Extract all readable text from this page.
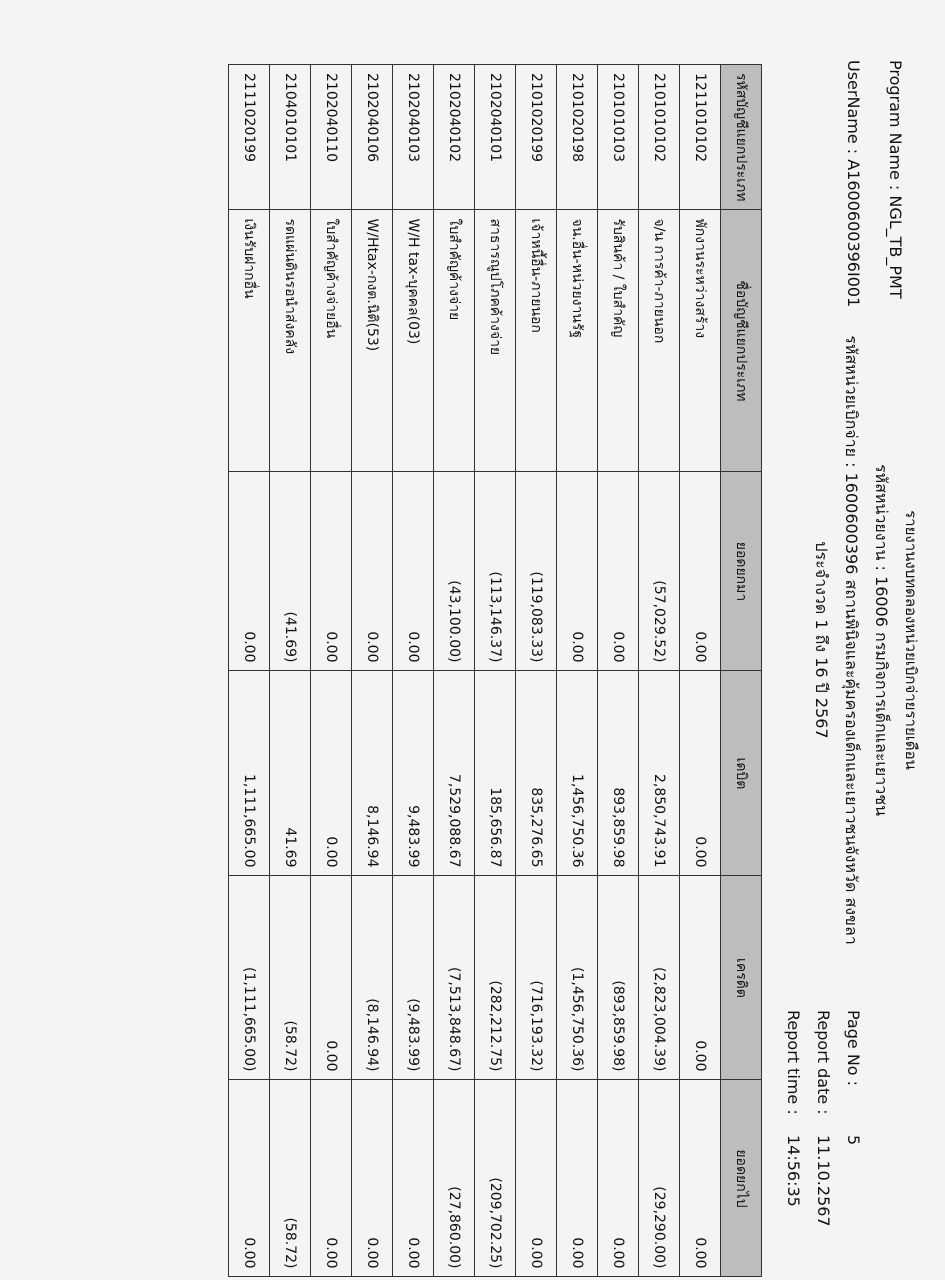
รายงานงบทดลองหน่วยเบิกจ่ายรายเดือน
รหัสหน่วยงาน : 16006 กรมกิจการเด็กและเยาวชน
รหัสหน่วยเบิกจ่าย : 1600600396 สถานพินิจและคุ้มครองเด็กและเยาวชนจังหวัด สงขลา
ประจำงวด 1 ถึง 16 ปี 2567
Program Name : NGL_TB_PMT
UserName : A1600600396I001
Page No :
5
Report date :
11.10.2567
Report time :
14:56:35
รหัสบัญชีแยกประเภท	ชื่อบัญชีแยกประเภท	ยอดยกมา	เดบิต	เครดิต	ยอดยกไป
1211010102	พักงานระหว่างสร้าง	0.00	0.00	0.00	0.00
2101010102	จ/น การค้า-ภายนอก	(57,029.52)	2,850,743.91	(2,823,004.39)	(29,290.00)
2101010103	รับสินค้า / ใบสำคัญ	0.00	893,859.98	(893,859.98)	0.00
2101020198	จน.อื่น-หน่วยงานรัฐ	0.00	1,456,750.36	(1,456,750.36)	0.00
2101020199	เจ้าหนี้อื่น-ภายนอก	(119,083.33)	835,276.65	(716,193.32)	0.00
2102040101	สาธารณูปโภคค้างจ่าย	(113,146.37)	185,656.87	(282,212.75)	(209,702.25)
2102040102	ใบสำคัญค้างจ่าย	(43,100.00)	7,529,088.67	(7,513,848.67)	(27,860.00)
2102040103	W/H tax-บุคคล(03)	0.00	9,483.99	(9,483.99)	0.00
2102040106	W/Htax-กงต.นิติ(53)	0.00	8,146.94	(8,146.94)	0.00
2102040110	ใบสำคัญค้างจ่ายอื่น	0.00	0.00	0.00	0.00
2104010101	รดแผ่นดินรอนำส่งคลัง	(41.69)	41.69	(58.72)	(58.72)
2111020199	เงินรับฝากอื่น	0.00	1,111,665.00	(1,111,665.00)	0.00
